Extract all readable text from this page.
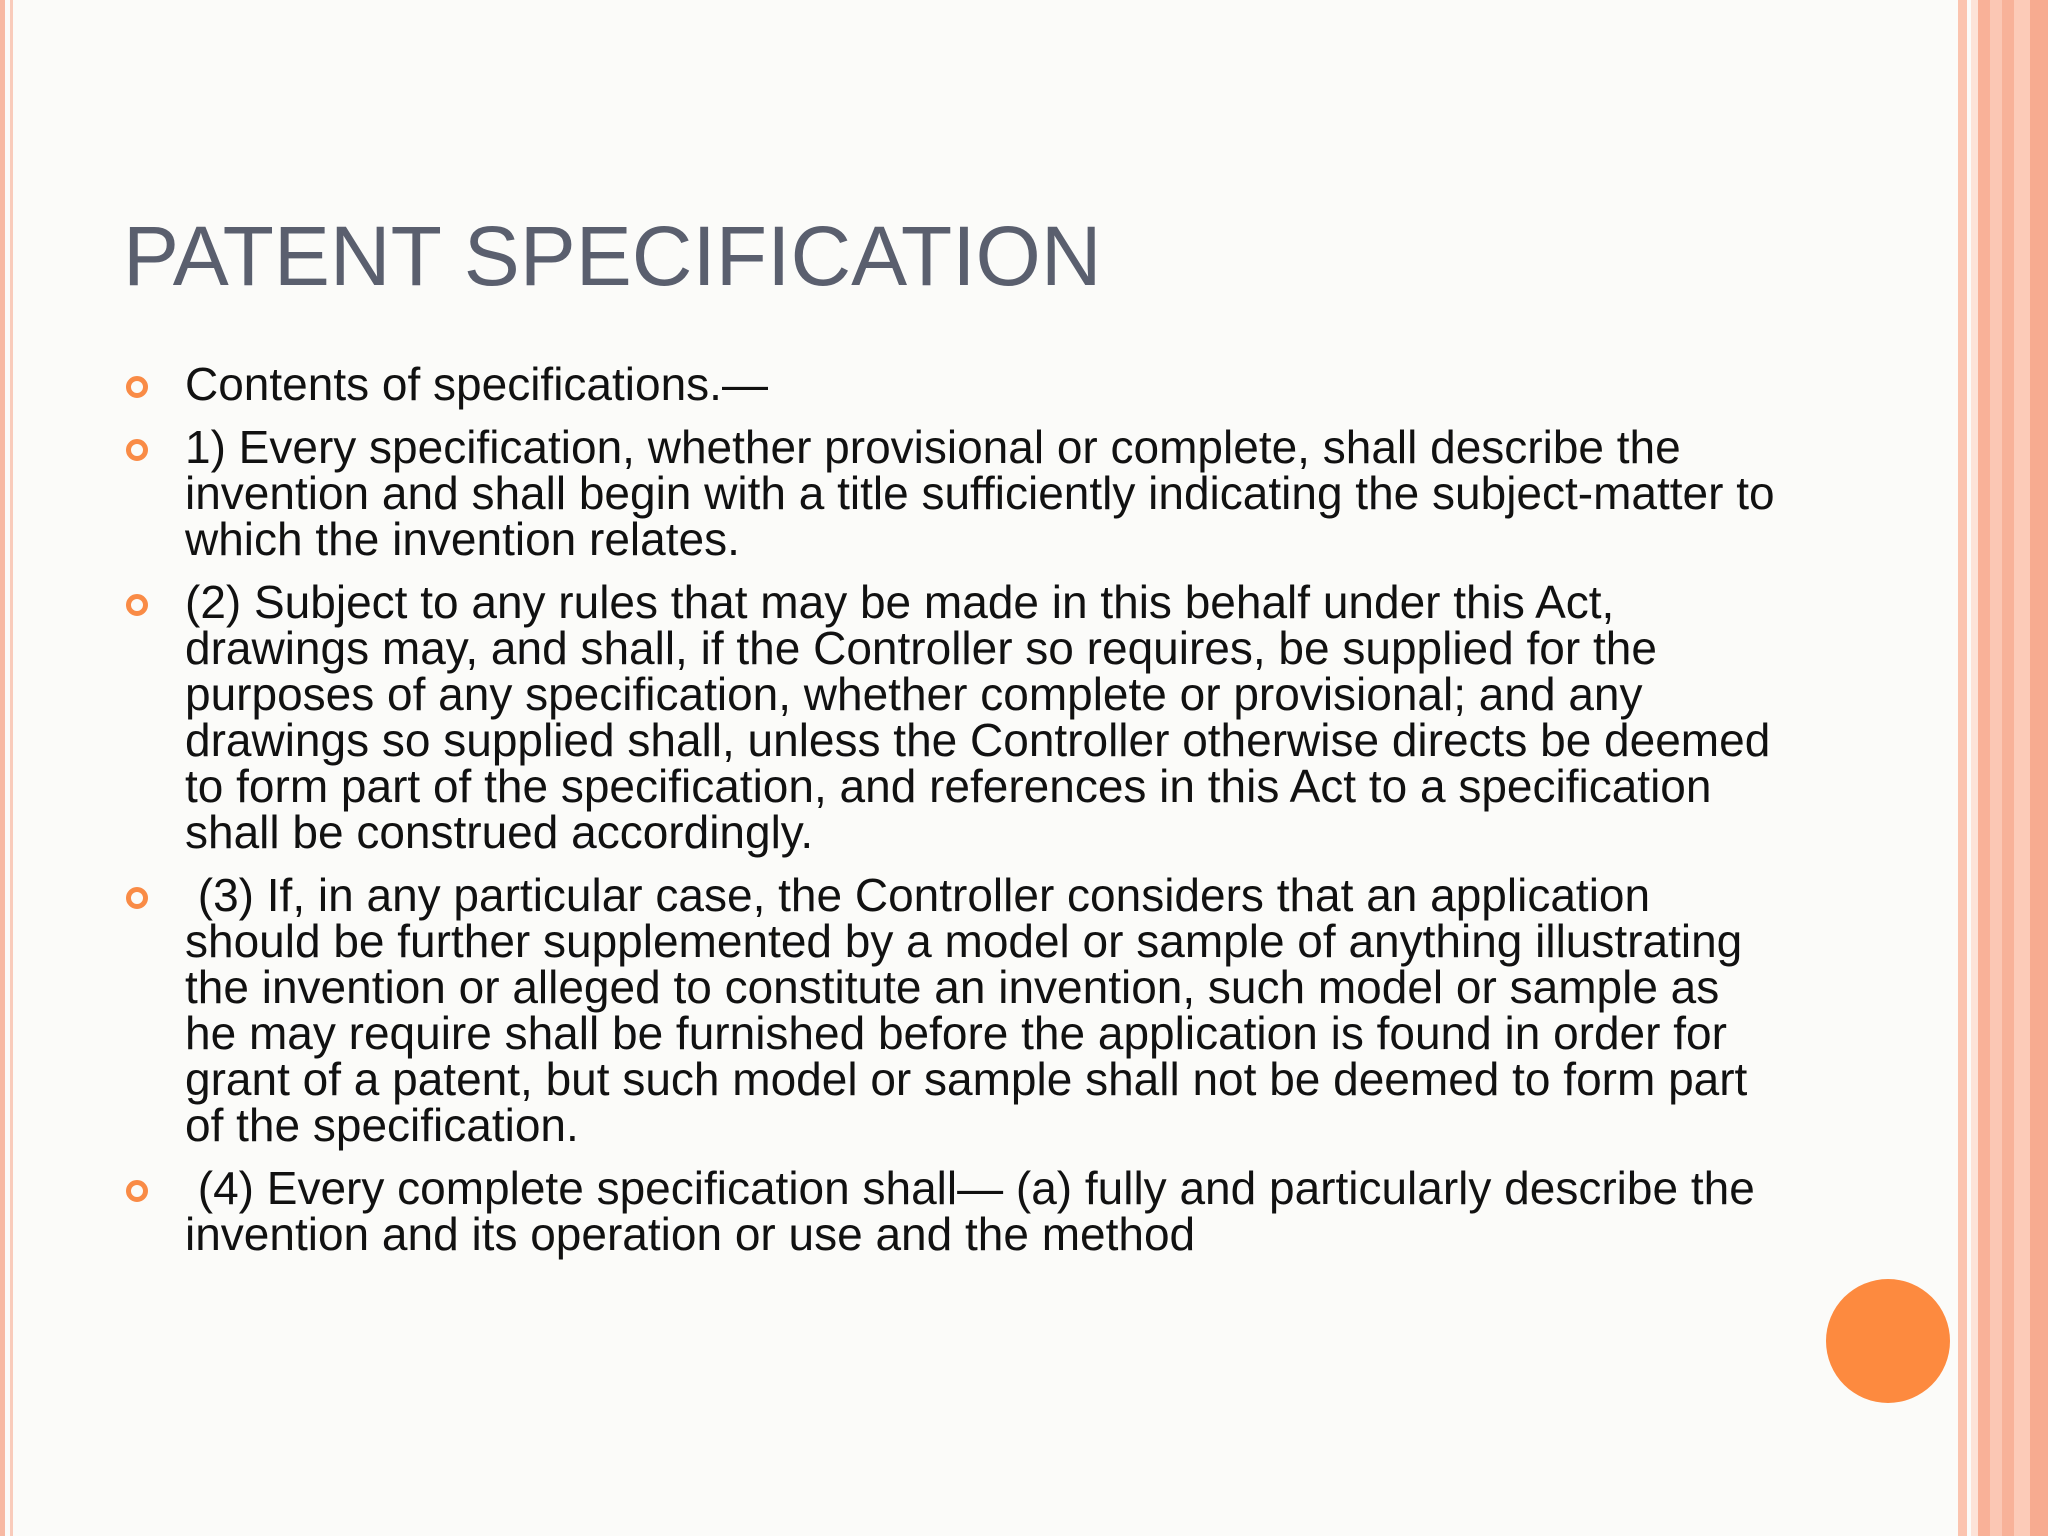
PATENT SPECIFICATION
Contents of specifications.—
1) Every specification, whether provisional or complete, shall describe the invention and shall begin with a title sufficiently indicating the subject-matter to which the invention relates.
(2) Subject to any rules that may be made in this behalf under this Act, drawings may, and shall, if the Controller so requires, be supplied for the purposes of any specification, whether complete or provisional; and any drawings so supplied shall, unless the Controller otherwise directs be deemed to form part of the specification, and references in this Act to a specification shall be construed accordingly.
(3) If, in any particular case, the Controller considers that an application should be further supplemented by a model or sample of anything illustrating the invention or alleged to constitute an invention, such model or sample as he may require shall be furnished before the application is found in order for grant of a patent, but such model or sample shall not be deemed to form part of the specification.
(4) Every complete specification shall— (a) fully and particularly describe the invention and its operation or use and the method
